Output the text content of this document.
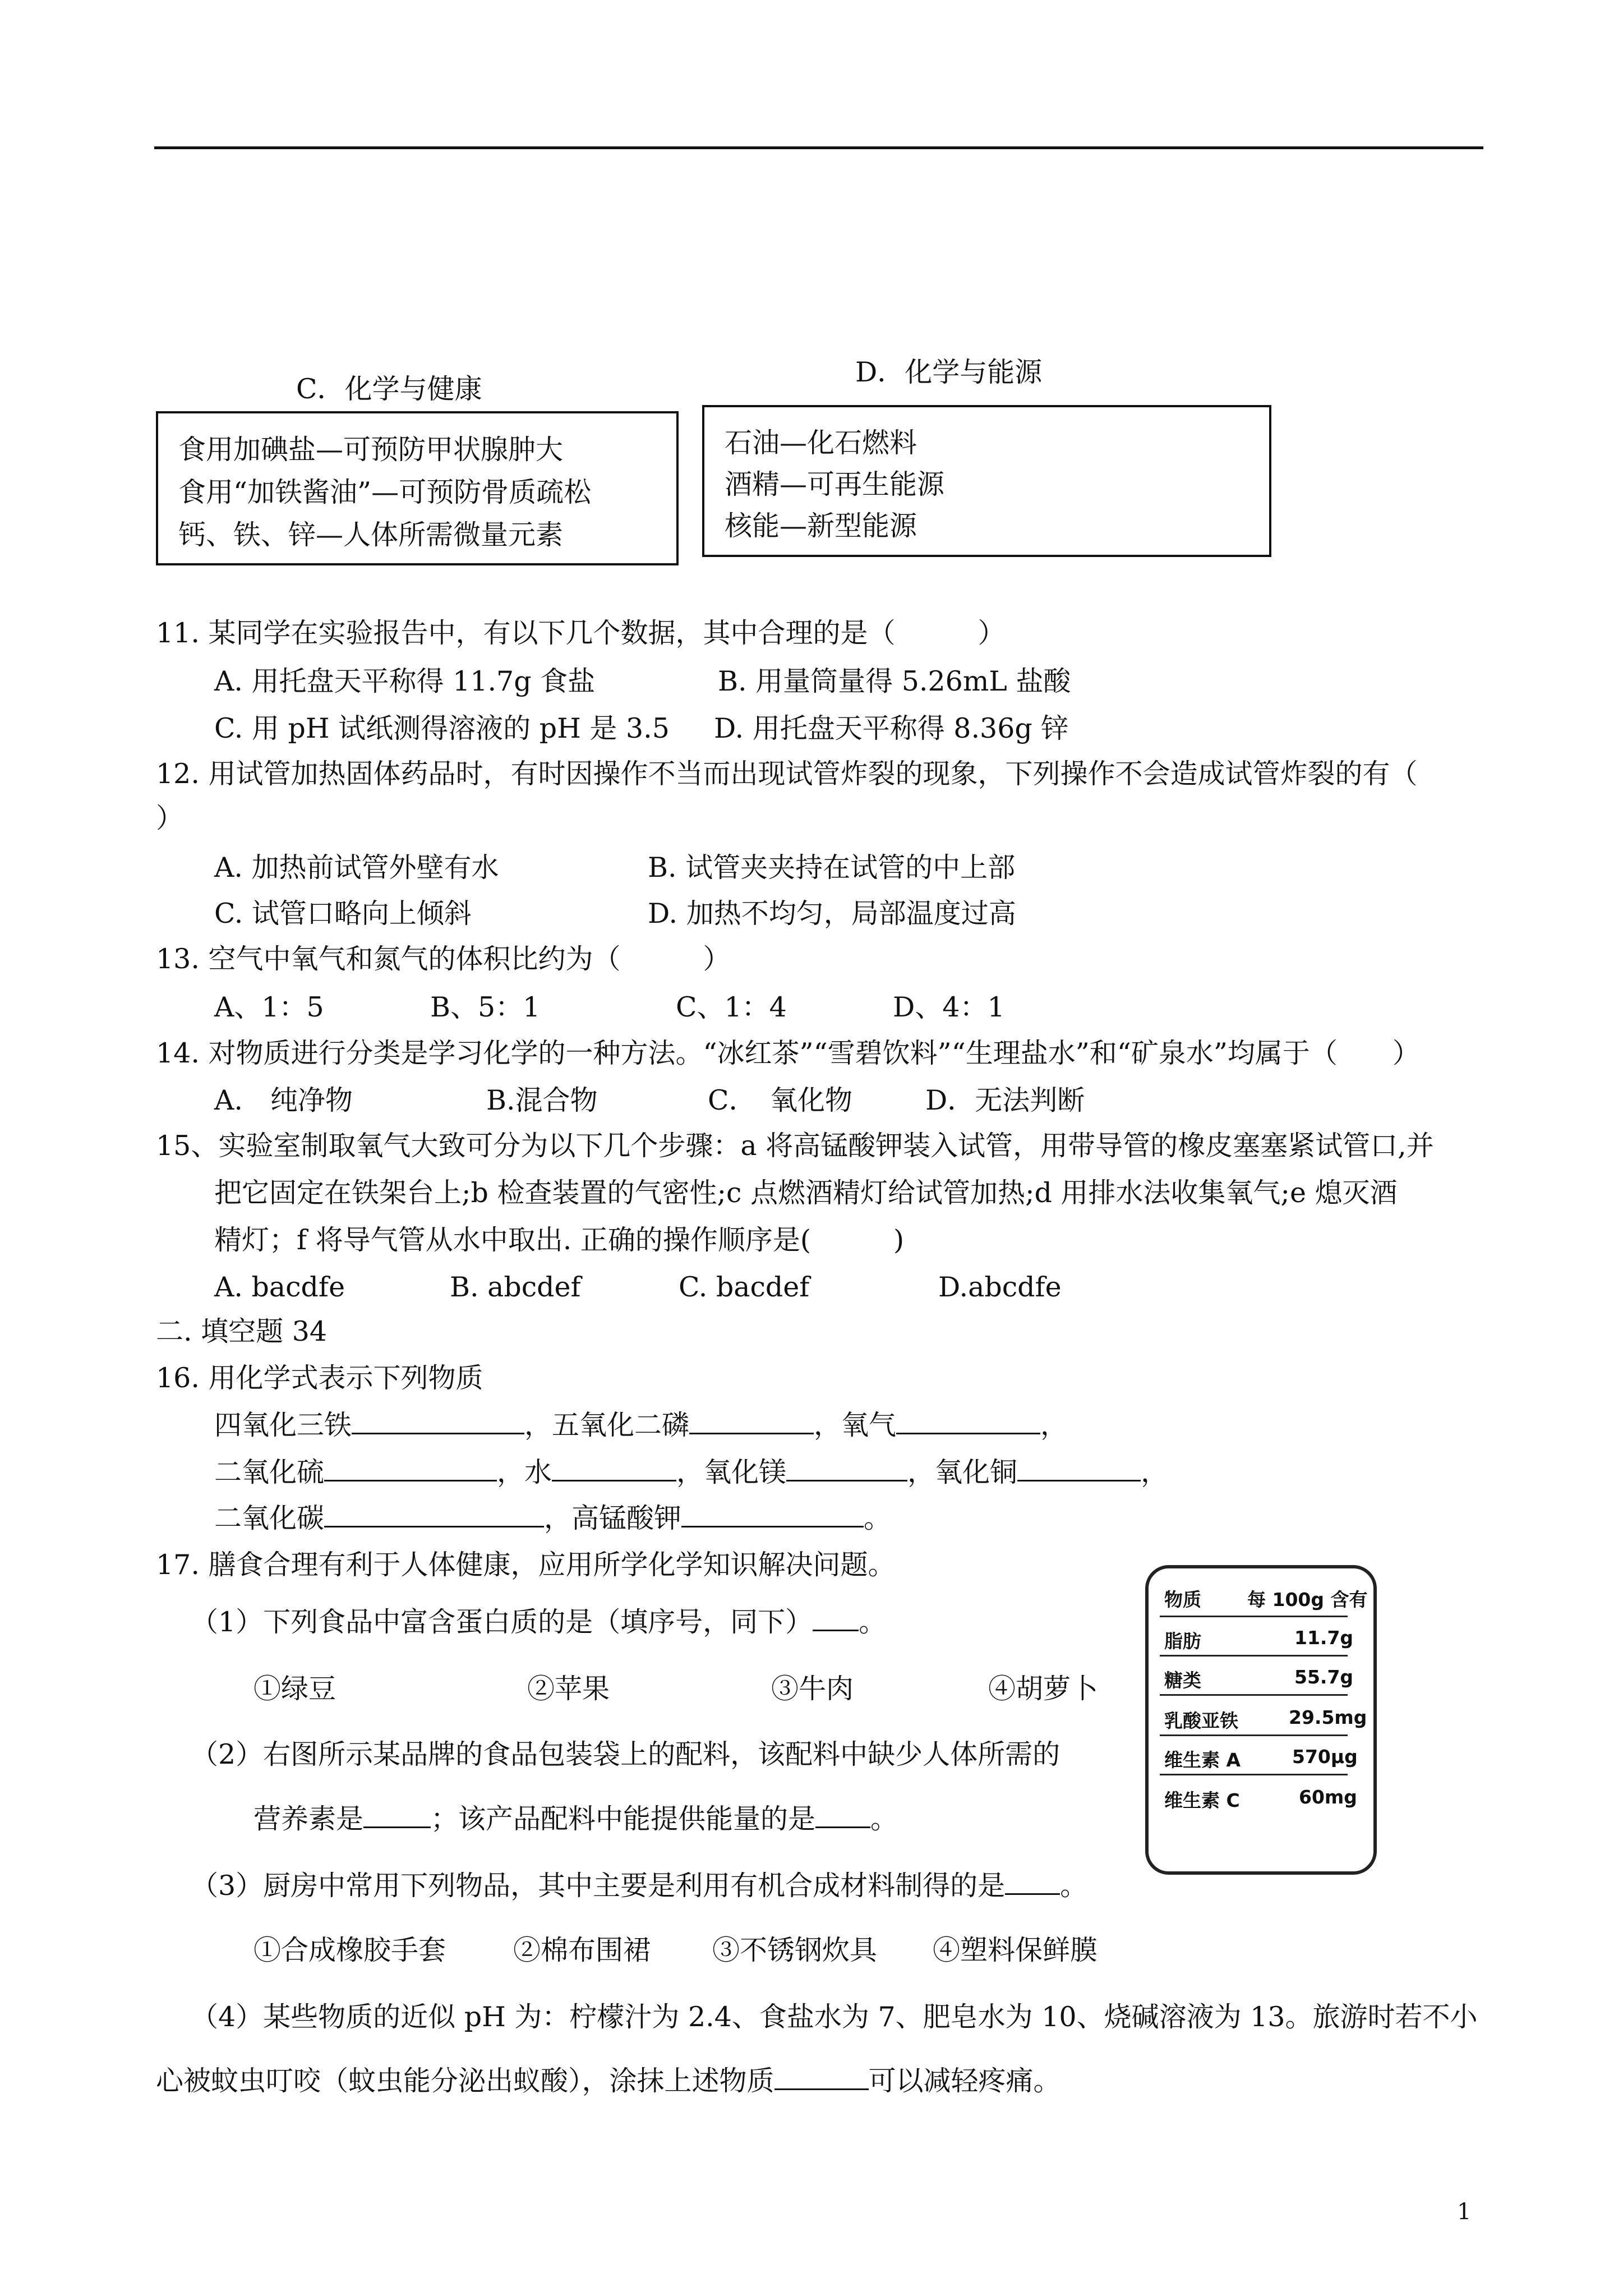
C．化学与健康
食用加碘盐—可预防甲状腺肿大
食用“加铁酱油”—可预防骨质疏松
钙、铁、锌—人体所需微量元素
D．化学与能源
石油—化石燃料
酒精—可再生能源
核能—新型能源
11. 某同学在实验报告中，有以下几个数据，其中合理的是（　　　）
A. 用托盘天平称得 11.7g 食盐	B. 用量筒量得 5.26mL 盐酸
C. 用 pH 试纸测得溶液的 pH 是 3.5 D. 用托盘天平称得 8.36g 锌
12. 用试管加热固体药品时，有时因操作不当而出现试管炸裂的现象，下列操作不会造成试管炸裂的有（
）
A. 加热前试管外壁有水	B. 试管夹夹持在试管的中上部
C. 试管口略向上倾斜	D. 加热不均匀，局部温度过高
13. 空气中氧气和氮气的体积比约为（　　　）
A、1：5	B、5：1	C、1：4	D、4：1
14. 对物质进行分类是学习化学的一种方法。“冰红茶”“雪碧饮料”“生理盐水”和“矿泉水”均属于（　　）
A.　纯净物	B.混合物	C．　氧化物	D．无法判断
15、实验室制取氧气大致可分为以下几个步骤：a 将高锰酸钾装入试管，用带导管的橡皮塞塞紧试管口,并
把它固定在铁架台上;b 检查装置的气密性;c 点燃酒精灯给试管加热;d 用排水法收集氧气;e 熄灭酒
精灯；f 将导气管从水中取出. 正确的操作顺序是(　　　)
A. bacdfe	B. abcdef	C. bacdef	D.abcdfe
二. 填空题 34
16. 用化学式表示下列物质
四氧化三铁	，五氧化二磷	，氧气	，
二氧化硫	，水	，氧化镁	，氧化铜	，
二氧化碳	，高锰酸钾	。
17. 膳食合理有利于人体健康，应用所学化学知识解决问题。
（1）下列食品中富含蛋白质的是（填序号，同下） 。
①绿豆	②苹果	③牛肉	④胡萝卜
（2）右图所示某品牌的食品包装袋上的配料，该配料中缺少人体所需的
营养素是 ；该产品配料中能提供能量的是 。
（3）厨房中常用下列物品，其中主要是利用有机合成材料制得的是 。
①合成橡胶手套 ②棉布围裙 ③不锈钢炊具 ④塑料保鲜膜
（4）某些物质的近似 pH 为：柠檬汁为 2.4、食盐水为 7、肥皂水为 10、烧碱溶液为 13。旅游时若不小
心被蚊虫叮咬（蚊虫能分泌出蚁酸），涂抹上述物质	可以减轻疼痛。
物质 每 100g 含有
脂肪	11.7g
糖类	55.7g
乳酸亚铁	29.5mg
维生素 A	570μg
维生素 C	60mg
1
